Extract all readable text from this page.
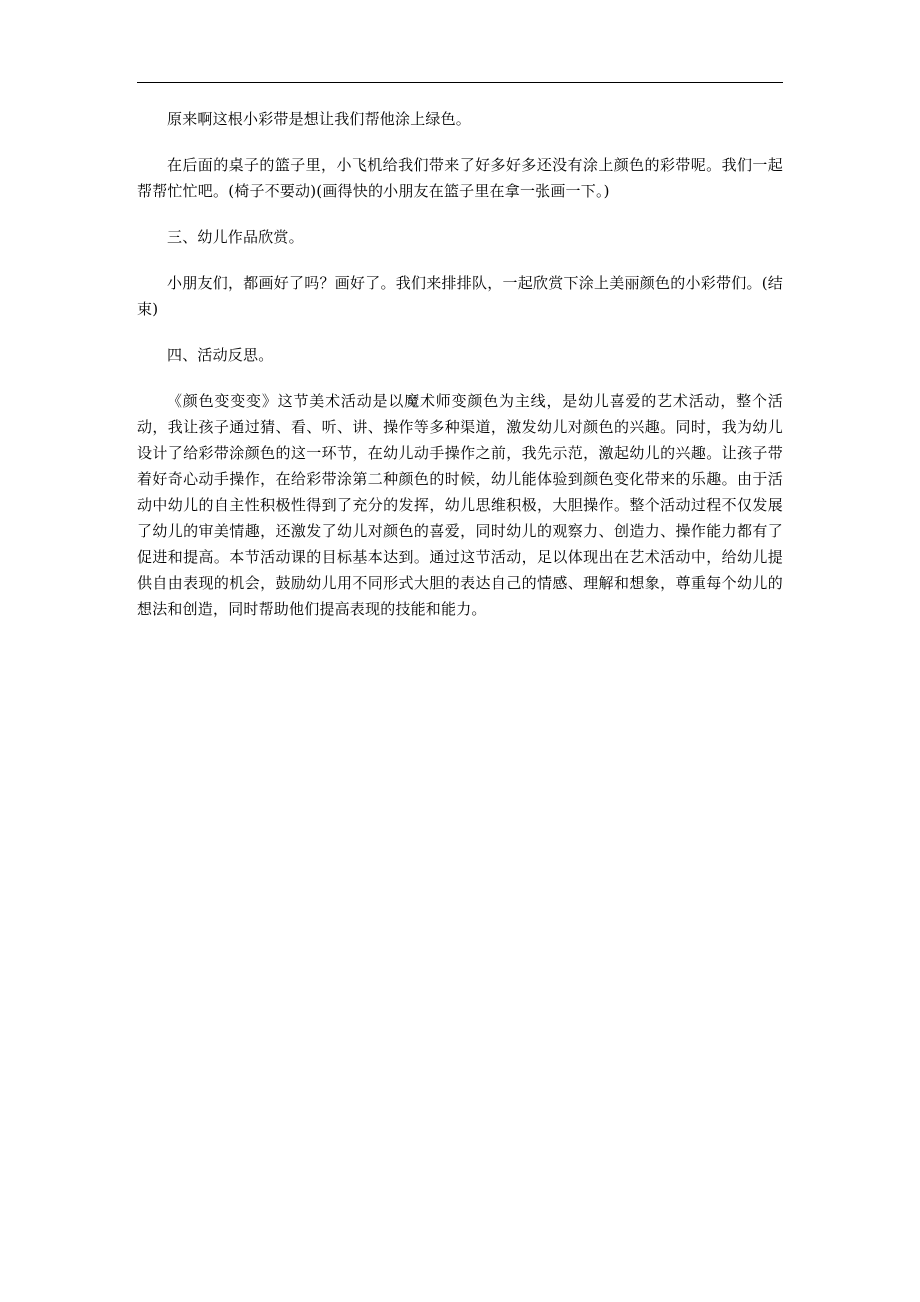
原来啊这根小彩带是想让我们帮他涂上绿色。

在后面的桌子的篮子里，小飞机给我们带来了好多好多还没有涂上颜色的彩带呢。我们一起帮帮忙忙吧。(椅子不要动)(画得快的小朋友在篮子里在拿一张画一下。)

三、幼儿作品欣赏。

小朋友们，都画好了吗？画好了。我们来排排队，一起欣赏下涂上美丽颜色的小彩带们。(结束)

四、活动反思。

《颜色变变变》这节美术活动是以魔术师变颜色为主线，是幼儿喜爱的艺术活动，整个活动，我让孩子通过猜、看、听、讲、操作等多种渠道，激发幼儿对颜色的兴趣。同时，我为幼儿设计了给彩带涂颜色的这一环节，在幼儿动手操作之前，我先示范，激起幼儿的兴趣。让孩子带着好奇心动手操作，在给彩带涂第二种颜色的时候，幼儿能体验到颜色变化带来的乐趣。由于活动中幼儿的自主性积极性得到了充分的发挥，幼儿思维积极，大胆操作。整个活动过程不仅发展了幼儿的审美情趣，还激发了幼儿对颜色的喜爱，同时幼儿的观察力、创造力、操作能力都有了促进和提高。本节活动课的目标基本达到。通过这节活动，足以体现出在艺术活动中，给幼儿提供自由表现的机会，鼓励幼儿用不同形式大胆的表达自己的情感、理解和想象，尊重每个幼儿的想法和创造，同时帮助他们提高表现的技能和能力。
